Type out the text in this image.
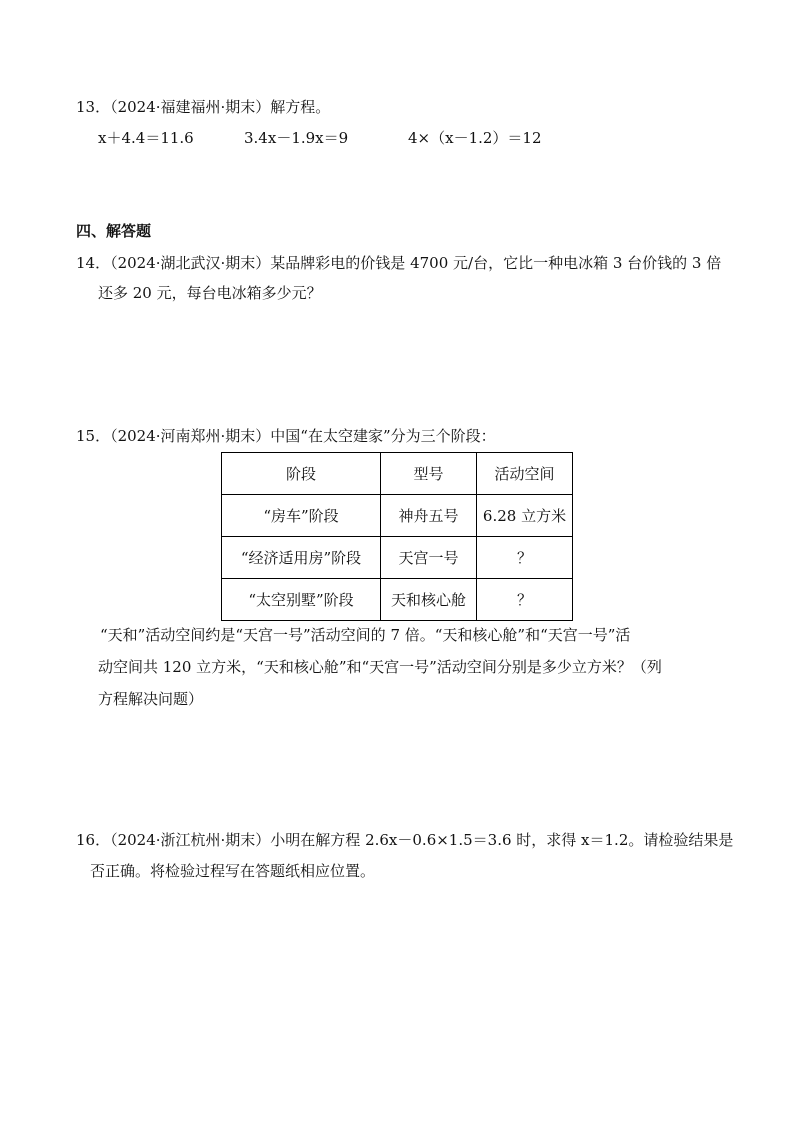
13．（2024·福建福州·期末）解方程。
x＋4.4＝11.6	3.4x－1.9x＝9	4×（x－1.2）＝12
四、解答题
14．（2024·湖北武汉·期末）某品牌彩电的价钱是 4700 元/台，它比一种电冰箱 3 台价钱的 3 倍
还多 20 元，每台电冰箱多少元？
15．（2024·河南郑州·期末）中国“在太空建家”分为三个阶段：
阶段	型号	活动空间
“房车”阶段	神舟五号	6.28 立方米
“经济适用房”阶段	天宫一号	？
“太空别墅”阶段	天和核心舱	？
“天和”活动空间约是“天宫一号”活动空间的 7 倍。“天和核心舱”和“天宫一号”活
动空间共 120 立方米，“天和核心舱”和“天宫一号”活动空间分别是多少立方米？（列
方程解决问题）
16．（2024·浙江杭州·期末）小明在解方程 2.6x－0.6×1.5＝3.6 时，求得 x＝1.2。请检验结果是
否正确。将检验过程写在答题纸相应位置。
